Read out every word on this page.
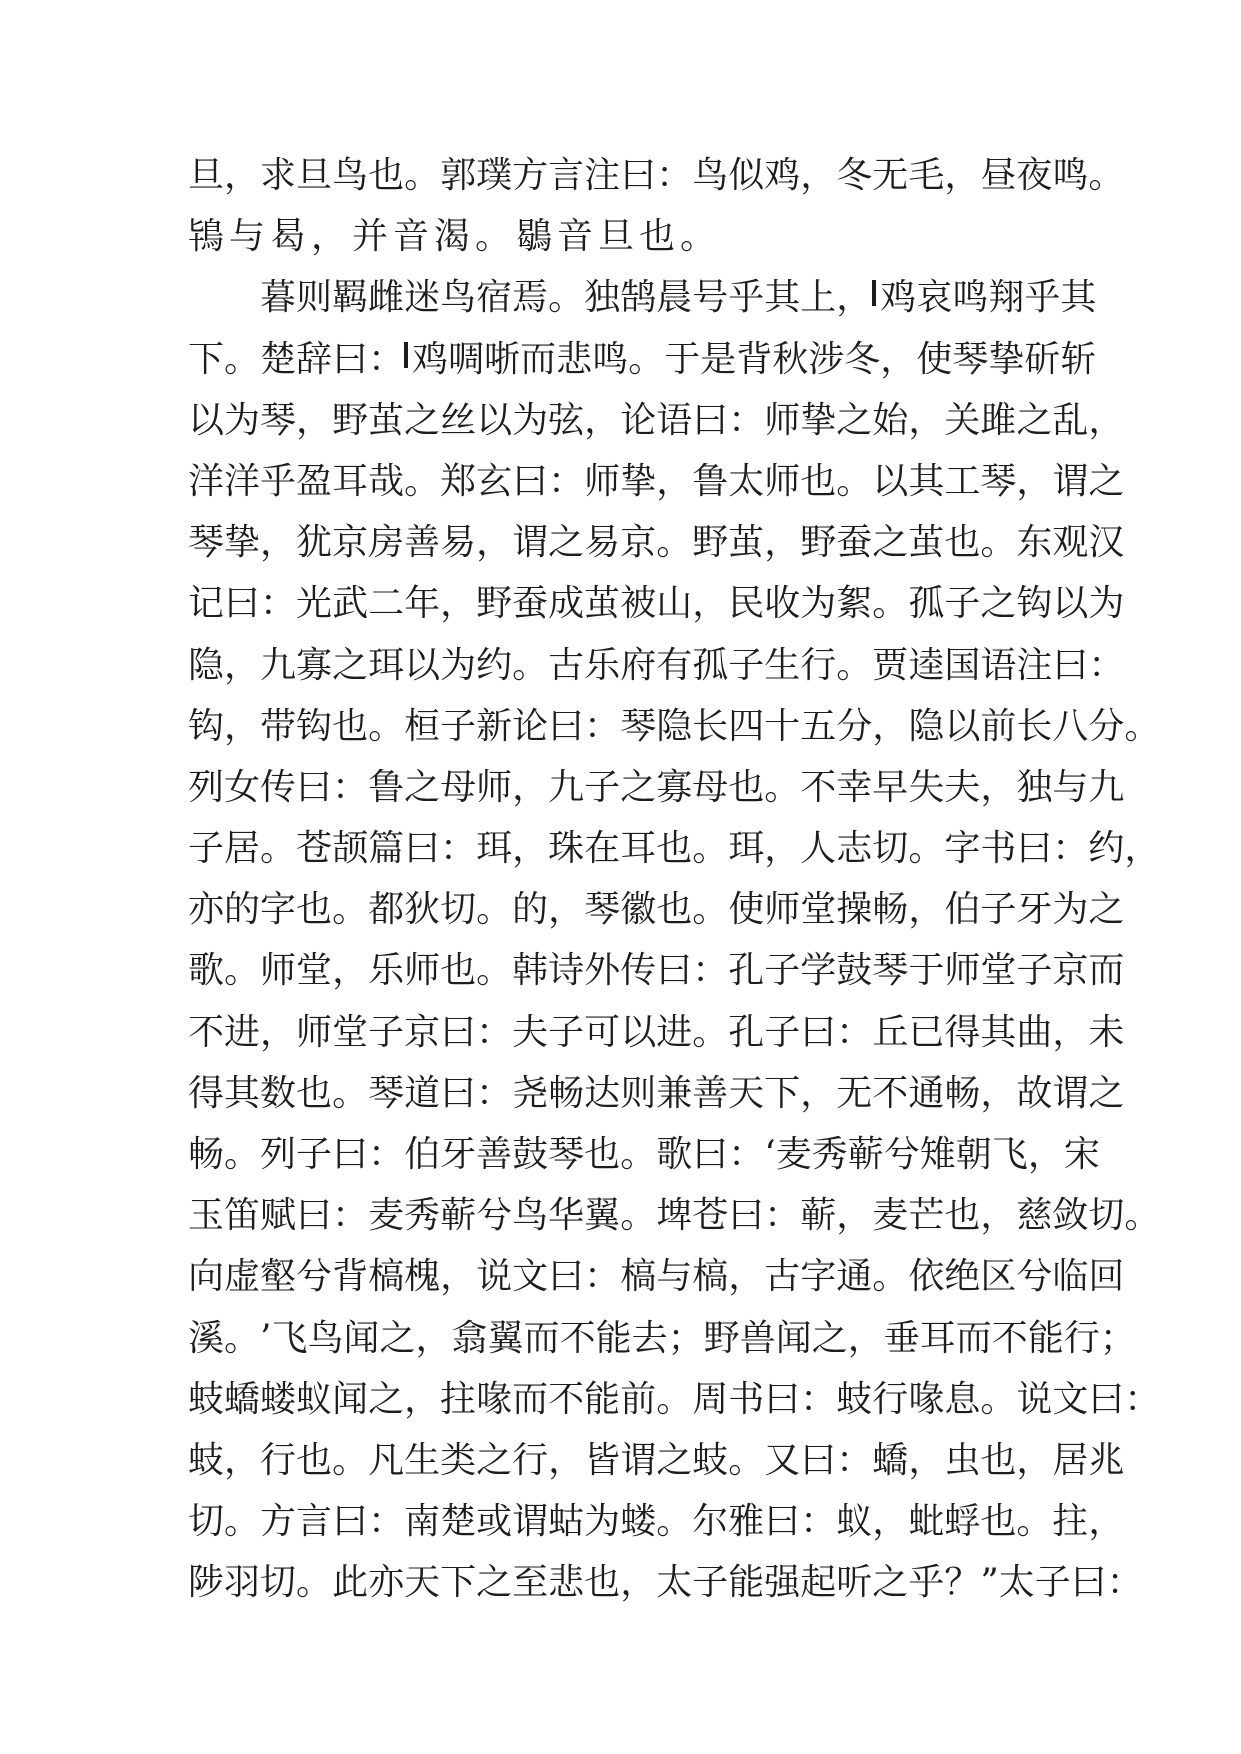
旦 ， 求 旦 鸟 也 。 郭 璞 方 言 注 曰 ： 鸟 似 鸡 ， 冬 无 毛 ， 昼 夜 鸣 。
鴇与曷，并音渴。鶡音旦也。
暮 则 羁 雌 迷 鸟 宿 焉 。 独 鹄 晨 号 乎 其 上 ， 鸡 哀 鸣 翔 乎 其
下 。 楚 辞 曰 ： 鸡 啁 哳 而 悲 鸣 。 于 是 背 秋 涉 冬 ， 使 琴 挚 斫 斩
以 为 琴 ， 野 茧 之 丝 以 为 弦 ， 论 语 曰 ： 师 挚 之 始 ， 关 雎 之 乱 ，
洋 洋 乎 盈 耳 哉 。 郑 玄 曰 ： 师 挚 ， 鲁 太 师 也 。 以 其 工 琴 ， 谓 之
琴 挚 ， 犹 京 房 善 易 ， 谓 之 易 京 。 野 茧 ， 野 蚕 之 茧 也 。 东 观 汉
记 曰 ： 光 武 二 年 ， 野 蚕 成 茧 被 山 ， 民 收 为 絮 。 孤 子 之 钩 以 为
隐 ， 九 寡 之 珥 以 为 约 。 古 乐 府 有 孤 子 生 行 。 贾 逵 国 语 注 曰 ：
钩 ， 带 钩 也 。 桓 子 新 论 曰 ： 琴 隐 长 四 十 五 分 ， 隐 以 前 长 八 分 。
列 女 传 曰 ： 鲁 之 母 师 ， 九 子 之 寡 母 也 。 不 幸 早 失 夫 ， 独 与 九
子 居 。 苍 颉 篇 曰 ： 珥 ， 珠 在 耳 也 。 珥 ， 人 志 切 。 字 书 曰 ： 约 ，
亦 的 字 也 。 都 狄 切 。 的 ， 琴 徽 也 。 使 师 堂 操 畅 ， 伯 子 牙 为 之
歌 。 师 堂 ， 乐 师 也 。 韩 诗 外 传 曰 ： 孔 子 学 鼓 琴 于 师 堂 子 京 而
不 进 ， 师 堂 子 京 曰 ： 夫 子 可 以 进 。 孔 子 曰 ： 丘 已 得 其 曲 ， 未
得 其 数 也 。 琴 道 曰 ： 尧 畅 达 则 兼 善 天 下 ， 无 不 通 畅 ， 故 谓 之
畅 。 列 子 曰 ： 伯 牙 善 鼓 琴 也 。 歌 曰 ： ‘ 麦 秀 蕲 兮 雉 朝 飞 ， 宋
玉 笛 赋 曰 ： 麦 秀 蕲 兮 鸟 华 翼 。 埤 苍 曰 ： 蕲 ， 麦 芒 也 ， 慈 敛 切 。
向 虚 壑 兮 背 槁 槐 ， 说 文 曰 ： 槁 与 槁 ， 古 字 通 。 依 绝 区 兮 临 回
溪 。 ’ 飞 鸟 闻 之 ， 翕 翼 而 不 能 去 ； 野 兽 闻 之 ， 垂 耳 而 不 能 行 ；
蚑 蟜 蝼 蚁 闻 之 ， 拄 喙 而 不 能 前 。 周 书 曰 ： 蚑 行 喙 息 。 说 文 曰 ：
蚑 ， 行 也 。 凡 生 类 之 行 ， 皆 谓 之 蚑 。 又 曰 ： 蟜 ， 虫 也 ， 居 兆
切 。 方 言 曰 ： 南 楚 或 谓 蛄 为 蝼 。 尔 雅 曰 ： 蚁 ， 蚍 蜉 也 。 拄 ，
陟 羽 切 。 此 亦 天 下 之 至 悲 也 ， 太 子 能 强 起 听 之 乎 ？ ” 太 子 曰 ：
